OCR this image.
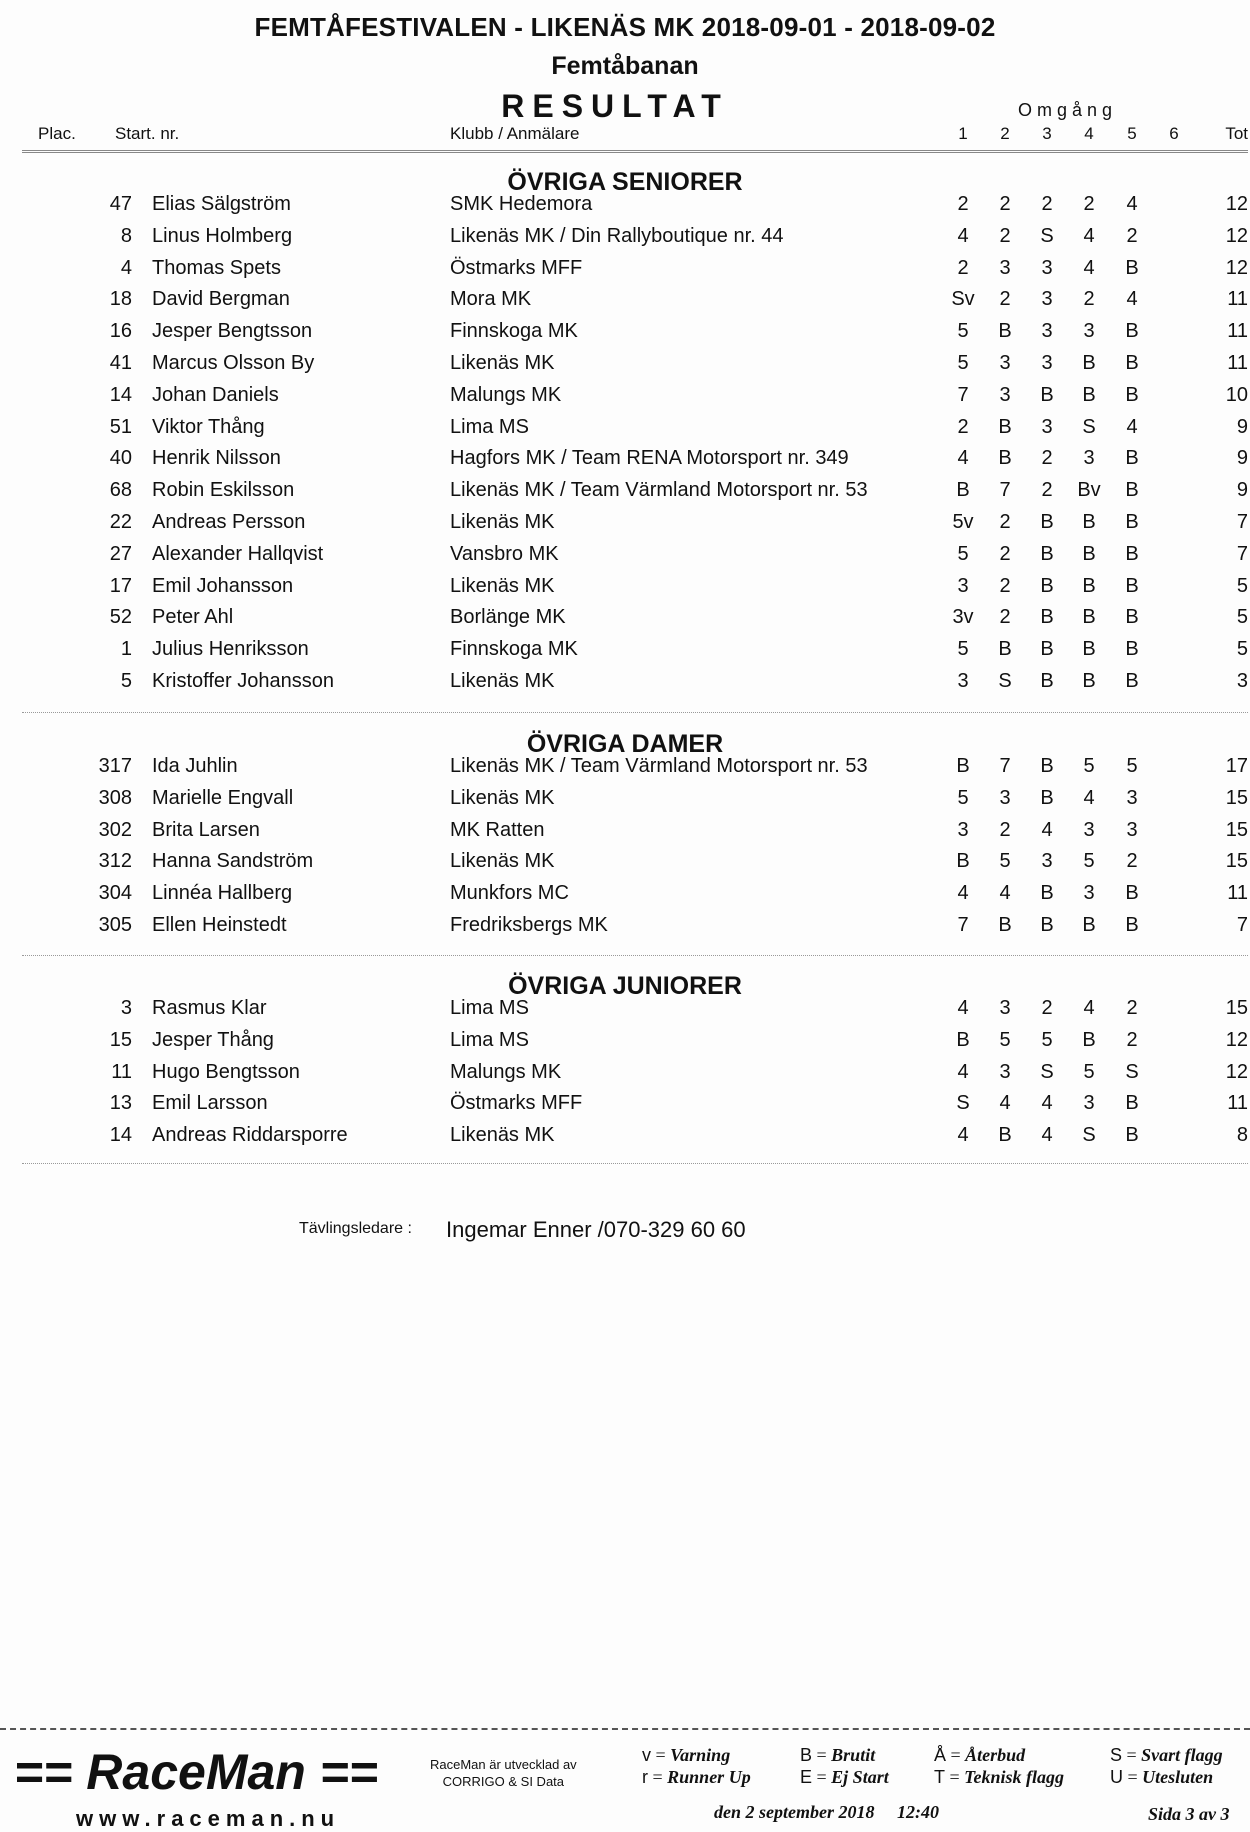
FEMTÅFESTIVALEN - LIKENÄS MK 2018-09-01 - 2018-09-02
Femtåbanan
RESULTAT	Omgång
Plac. Start. nr.	Klubb / Anmälare	1	2	3	4	5	6	Tot
ÖVRIGA SENIORER
47 Elias Sälgström	SMK Hedemora	2	2	2	2	4	12
8 Linus Holmberg	Likenäs MK / Din Rallyboutique nr. 44	4	2	S	4	2	12
4 Thomas Spets	Östmarks MFF	2	3	3	4	B	12
18 David Bergman	Mora MK	Sv	2	3	2	4	11
16 Jesper Bengtsson	Finnskoga MK	5	B	3	3	B	11
41 Marcus Olsson By	Likenäs MK	5	3	3	B	B	11
14 Johan Daniels	Malungs MK	7	3	B	B	B	10
51 Viktor Thång	Lima MS	2	B	3	S	4	9
40 Henrik Nilsson	Hagfors MK / Team RENA Motorsport nr. 349	4	B	2	3	B	9
68 Robin Eskilsson	Likenäs MK / Team Värmland Motorsport nr. 53	B	7	2	Bv	B	9
22 Andreas Persson	Likenäs MK	5v	2	B	B	B	7
27 Alexander Hallqvist	Vansbro MK	5	2	B	B	B	7
17 Emil Johansson	Likenäs MK	3	2	B	B	B	5
52 Peter Ahl	Borlänge MK	3v	2	B	B	B	5
1 Julius Henriksson	Finnskoga MK	5	B	B	B	B	5
5 Kristoffer Johansson	Likenäs MK	3	S	B	B	B	3
ÖVRIGA DAMER
317 Ida Juhlin	Likenäs MK / Team Värmland Motorsport nr. 53	B	7	B	5	5	17
308 Marielle Engvall	Likenäs MK	5	3	B	4	3	15
302 Brita Larsen	MK Ratten	3	2	4	3	3	15
312 Hanna Sandström	Likenäs MK	B	5	3	5	2	15
304 Linnéa Hallberg	Munkfors MC	4	4	B	3	B	11
305 Ellen Heinstedt	Fredriksbergs MK	7	B	B	B	B	7
ÖVRIGA JUNIORER
3 Rasmus Klar	Lima MS	4	3	2	4	2	15
15 Jesper Thång	Lima MS	B	5	5	B	2	12
11 Hugo Bengtsson	Malungs MK	4	3	S	5	S	12
13 Emil Larsson	Östmarks MFF	S	4	4	3	B	11
14 Andreas Riddarsporre	Likenäs MK	4	B	4	S	B	8
Tävlingsledare : Ingemar Enner /070-329 60 60
== RaceMan ==
www.raceman.nu
RaceMan är utvecklad av
CORRIGO & SI Data
v = Varning
r = Runner Up
B = Brutit
E = Ej Start
Å = Återbud
T = Teknisk flagg
S = Svart flagg
U = Utesluten
den 2 september 2018     12:40	Sida 3 av 3
